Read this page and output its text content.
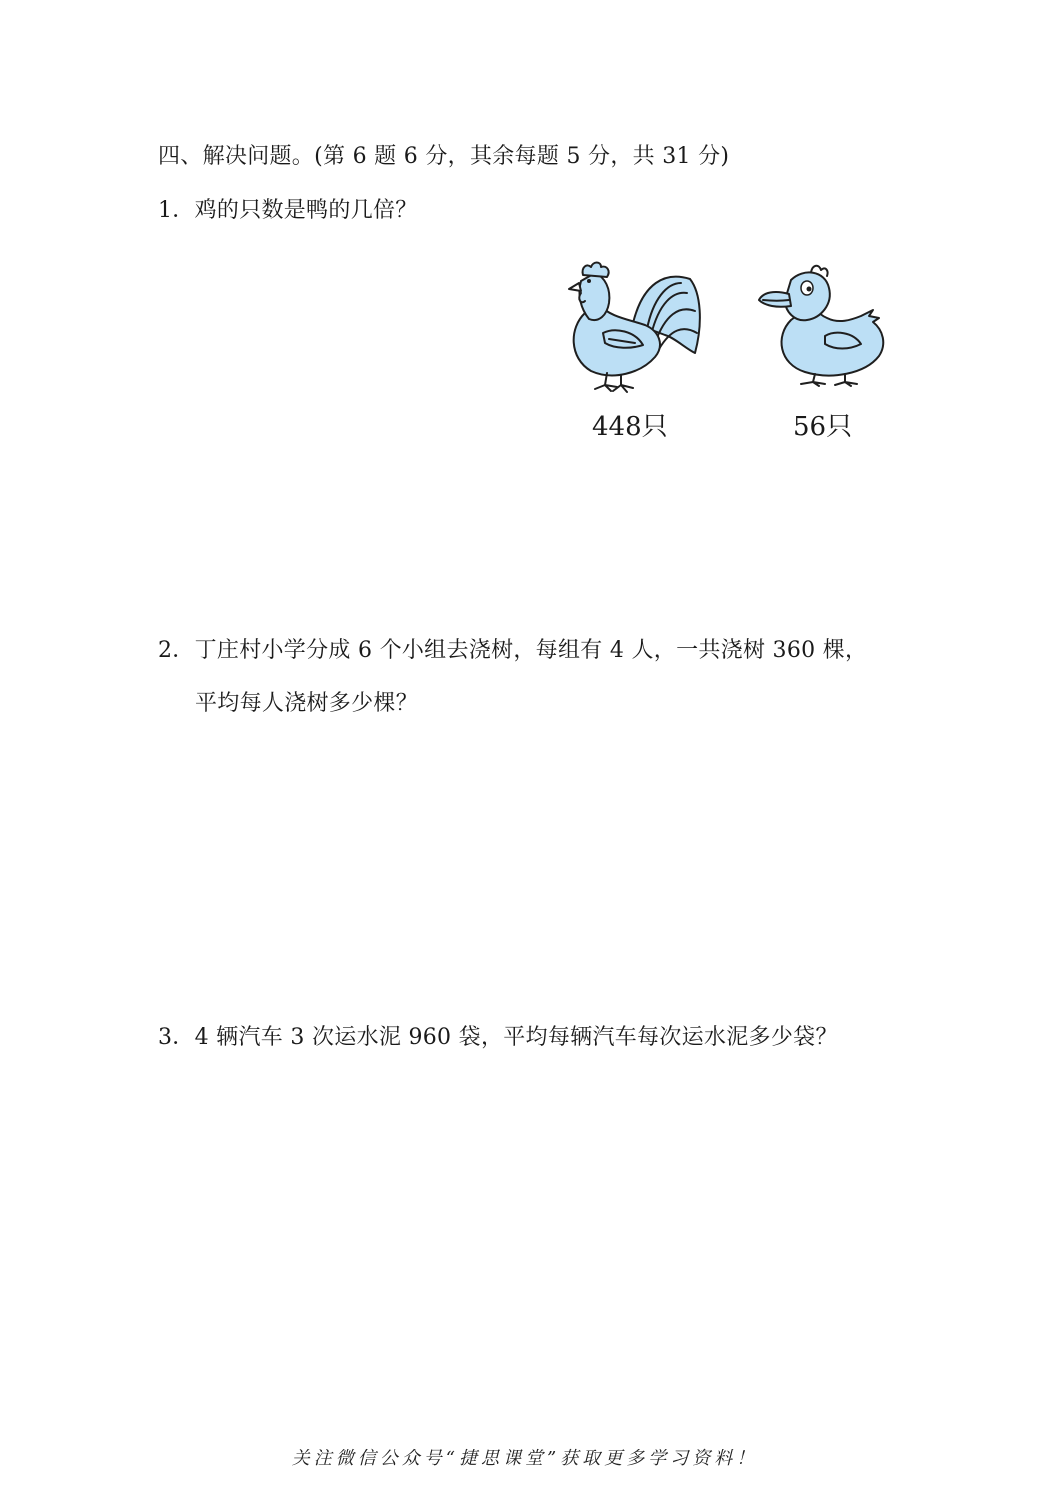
四、解决问题。(第 6 题 6 分，其余每题 5 分，共 31 分)
1．鸡的只数是鸭的几倍？
448只	56只
2．丁庄村小学分成 6 个小组去浇树，每组有 4 人，一共浇树 360 棵，
平均每人浇树多少棵？
3．4 辆汽车 3 次运水泥 960 袋，平均每辆汽车每次运水泥多少袋？
关注微信公众号“捷思课堂”获取更多学习资料！
